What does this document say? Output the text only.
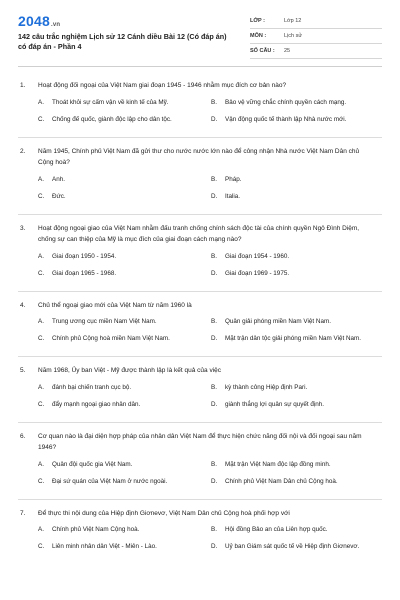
2048.vn
142 câu trắc nghiệm Lịch sử 12 Cánh diều Bài 12 (Có đáp án) có đáp án - Phần 4
LỚP :	Lớp 12
MÔN :	Lịch sử
SỐ CÂU :	25
1. Hoạt động đối ngoại của Việt Nam giai đoạn 1945 - 1946 nhằm mục đích cơ bản nào?
A. Thoát khỏi sự cấm vận về kinh tế của Mỹ.	B. Bảo vệ vững chắc chính quyền cách mạng.
C. Chống đế quốc, giành độc lập cho dân tộc.	D. Vận động quốc tế thành lập Nhà nước mới.
2. Năm 1945, Chính phủ Việt Nam đã gửi thư cho nước nước lớn nào để công nhận Nhà nước Việt Nam Dân chủ Cộng hoà?
A. Anh.	B. Pháp.
C. Đức.	D. Italia.
3. Hoạt động ngoại giao của Việt Nam nhằm đấu tranh chống chính sách độc tài của chính quyền Ngô Đình Diệm, chống sự can thiệp của Mỹ là mục đích của giai đoạn cách mạng nào?
A. Giai đoạn 1950 - 1954.	B. Giai đoạn 1954 - 1960.
C. Giai đoạn 1965 - 1968.	D. Giai đoạn 1969 - 1975.
4. Chủ thể ngoại giao mới của Việt Nam từ năm 1960 là
A. Trung ương cục miền Nam Việt Nam.	B. Quân giải phóng miền Nam Việt Nam.
C. Chính phủ Cộng hoà miền Nam Việt Nam.	D. Mặt trận dân tộc giải phóng miền Nam Việt Nam.
5. Năm 1968, Ủy ban Việt - Mỹ được thành lập là kết quả của việc
A. đánh bại chiến tranh cục bộ.	B. kỳ thành công Hiệp định Pari.
C. đẩy mạnh ngoại giao nhân dân.	D. giành thắng lợi quân sự quyết định.
6. Cơ quan nào là đại diện hợp pháp của nhân dân Việt Nam để thực hiện chức năng đối nội và đối ngoại sau năm 1946?
A. Quân đội quốc gia Việt Nam.	B. Mặt trận Việt Nam độc lập đồng minh.
C. Đại sứ quán của Việt Nam ở nước ngoài.	D. Chính phủ Việt Nam Dân chủ Cộng hoà.
7. Để thực thi nội dung của Hiệp định Giơnevơ, Việt Nam Dân chủ Cộng hoà phối hợp với
A. Chính phủ Việt Nam Cộng hoà.	B. Hội đồng Bảo an của Liên hợp quốc.
C. Liên minh nhân dân Việt - Miên - Lào.	D. Uỷ ban Giám sát quốc tế về Hiệp định Giơnevơ.
